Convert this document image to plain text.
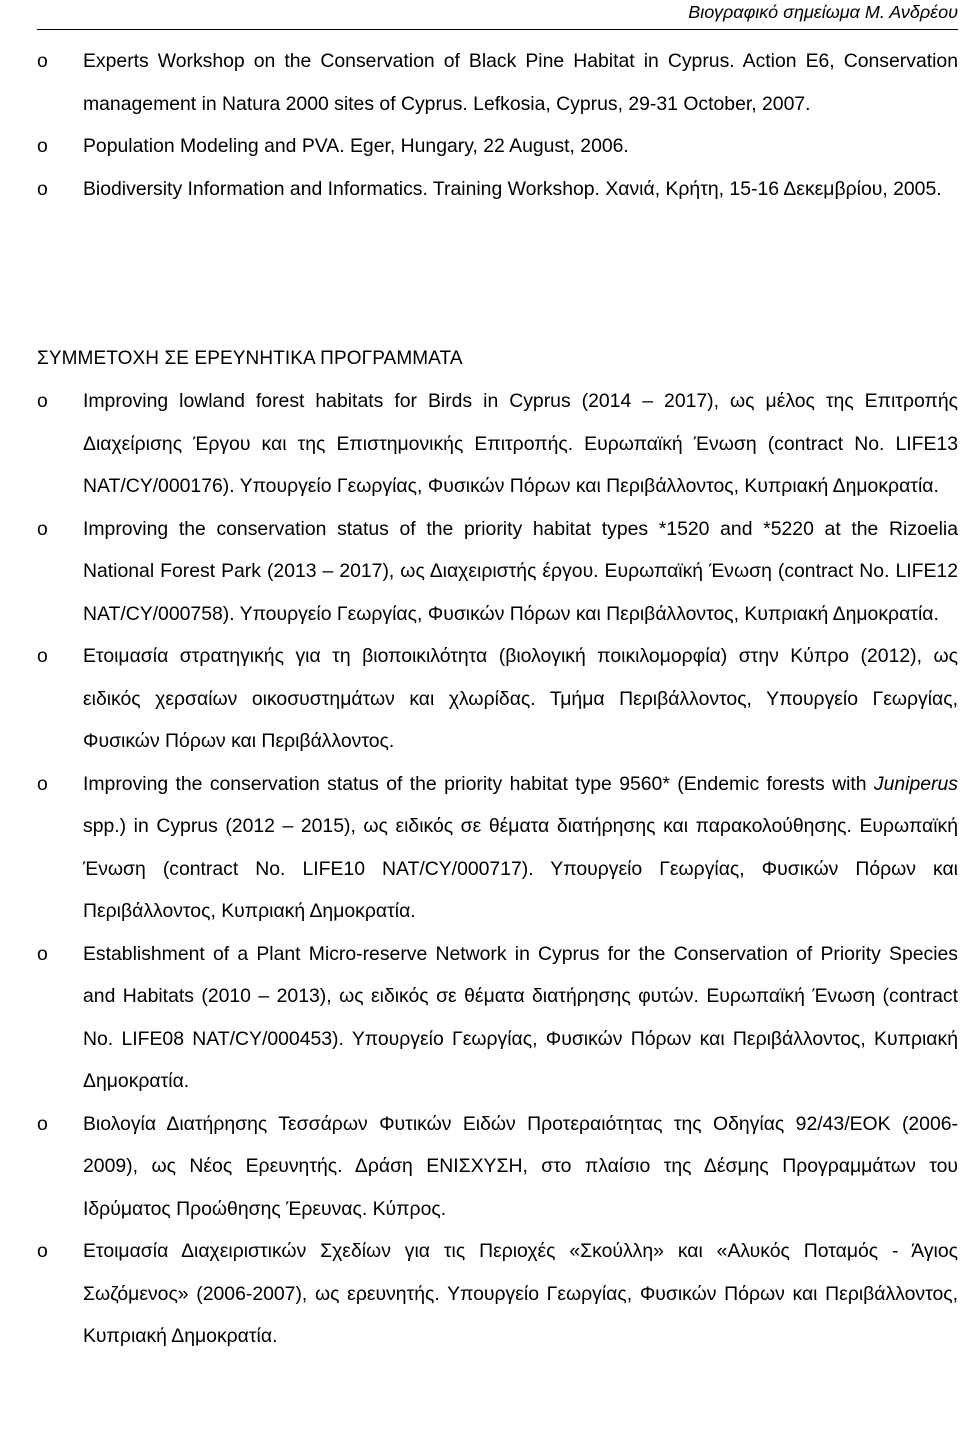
Βιογραφικό σημείωμα Μ. Ανδρέου
o	Experts Workshop on the Conservation of Black Pine Habitat in Cyprus. Action E6, Conservation management in Natura 2000 sites of Cyprus. Lefkosia, Cyprus, 29-31 October, 2007.
o	Population Modeling and PVA. Eger, Hungary, 22 August, 2006.
o	Biodiversity Information and Informatics. Training Workshop. Χανιά, Κρήτη, 15-16 Δεκεμβρίου, 2005.
ΣΥΜΜΕΤΟΧΗ ΣΕ ΕΡΕΥΝΗΤΙΚΑ ΠΡΟΓΡΑΜΜΑΤΑ
o	Improving lowland forest habitats for Birds in Cyprus (2014 – 2017), ως μέλος της Επιτροπής Διαχείρισης Έργου και της Επιστημονικής Επιτροπής. Ευρωπαϊκή Ένωση (contract No. LIFE13 NAT/CY/000176). Υπουργείο Γεωργίας, Φυσικών Πόρων και Περιβάλλοντος, Κυπριακή Δημοκρατία.
o	Improving the conservation status of the priority habitat types *1520 and *5220 at the Rizoelia National Forest Park (2013 – 2017), ως Διαχειριστής έργου. Ευρωπαϊκή Ένωση (contract No. LIFE12 NAT/CY/000758). Υπουργείο Γεωργίας, Φυσικών Πόρων και Περιβάλλοντος, Κυπριακή Δημοκρατία.
o	Ετοιμασία στρατηγικής για τη βιοποικιλότητα (βιολογική ποικιλομορφία) στην Κύπρο (2012), ως ειδικός χερσαίων οικοσυστημάτων και χλωρίδας. Τμήμα Περιβάλλοντος, Υπουργείο Γεωργίας, Φυσικών Πόρων και Περιβάλλοντος.
o	Improving the conservation status of the priority habitat type 9560* (Endemic forests with Juniperus spp.) in Cyprus (2012 – 2015), ως ειδικός σε θέματα διατήρησης και παρακολούθησης. Ευρωπαϊκή Ένωση (contract No. LIFE10 NAT/CY/000717). Υπουργείο Γεωργίας, Φυσικών Πόρων και Περιβάλλοντος, Κυπριακή Δημοκρατία.
o	Establishment of a Plant Micro-reserve Network in Cyprus for the Conservation of Priority Species and Habitats (2010 – 2013), ως ειδικός σε θέματα διατήρησης φυτών. Ευρωπαϊκή Ένωση (contract No. LIFE08 NAT/CY/000453). Υπουργείο Γεωργίας, Φυσικών Πόρων και Περιβάλλοντος, Κυπριακή Δημοκρατία.
o	Βιολογία Διατήρησης Τεσσάρων Φυτικών Ειδών Προτεραιότητας της Οδηγίας 92/43/ΕΟΚ (2006-2009), ως Νέος Ερευνητής. Δράση ΕΝΙΣΧΥΣΗ, στο πλαίσιο της Δέσμης Προγραμμάτων του Ιδρύματος Προώθησης Έρευνας. Κύπρος.
o	Ετοιμασία Διαχειριστικών Σχεδίων για τις Περιοχές «Σκούλλη» και «Αλυκός Ποταμός - Άγιος Σωζόμενος» (2006-2007), ως ερευνητής. Υπουργείο Γεωργίας, Φυσικών Πόρων και Περιβάλλοντος, Κυπριακή Δημοκρατία.
